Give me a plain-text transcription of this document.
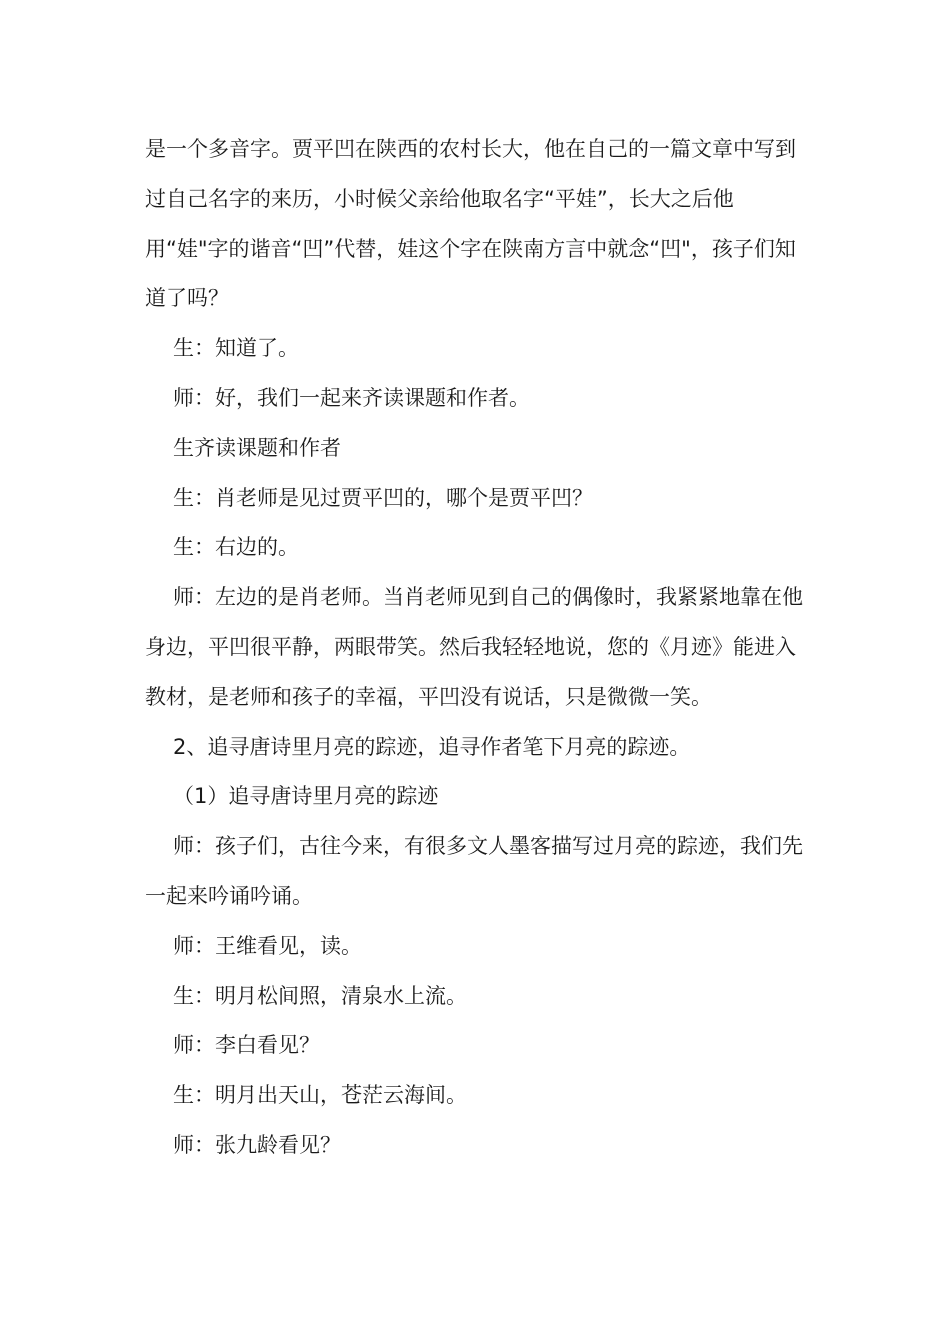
是一个多音字。贾平凹在陕西的农村长大，他在自己的一篇文章中写到过自己名字的来历，小时候父亲给他取名字“平娃”，长大之后他用“娃"字的谐音“凹”代替，娃这个字在陕南方言中就念“凹"，孩子们知道了吗？

生：知道了。

师：好，我们一起来齐读课题和作者。

生齐读课题和作者

生：肖老师是见过贾平凹的，哪个是贾平凹？

生：右边的。

师：左边的是肖老师。当肖老师见到自己的偶像时，我紧紧地靠在他身边，平凹很平静，两眼带笑。然后我轻轻地说，您的《月迹》能进入教材，是老师和孩子的幸福，平凹没有说话，只是微微一笑。

2、追寻唐诗里月亮的踪迹，追寻作者笔下月亮的踪迹。

（1）追寻唐诗里月亮的踪迹

师：孩子们，古往今来，有很多文人墨客描写过月亮的踪迹，我们先一起来吟诵吟诵。

师：王维看见，读。

生：明月松间照，清泉水上流。

师：李白看见？

生：明月出天山，苍茫云海间。

师：张九龄看见？
